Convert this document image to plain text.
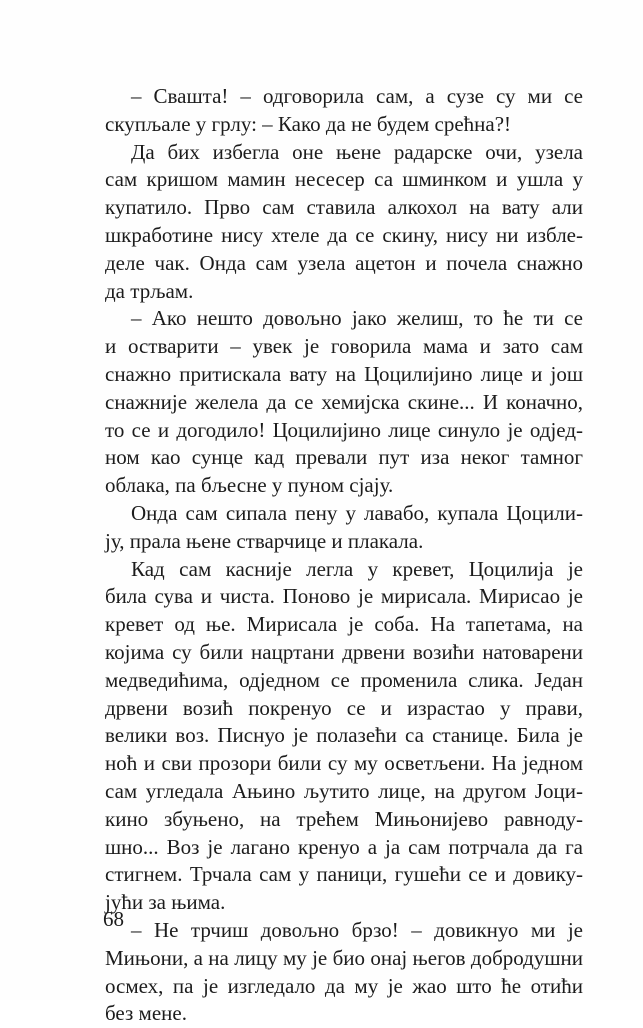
– Свашта! – одговорила сам, а сузе су ми се
скупљале у грлу: – Како да не будем срећна?!
Да бих избегла оне њене радарске очи, узела
сам кришом мамин несесер са шминком и ушла у
купатило. Прво сам ставила алкохол на вату али
шкработине нису хтеле да се скину, нису ни избле-
деле чак. Онда сам узела ацетон и почела снажно
да трљам.
– Ако нешто довољно јако желиш, то ће ти се
и остварити – увек је говорила мама и зато сам
снажно притискала вату на Цоцилијино лице и још
снажније желела да се хемијска скине... И коначно,
то се и догодило! Цоцилијино лице синуло је одјед-
ном као сунце кад превали пут иза неког тамног
облака, па бљесне у пуном сјају.
Онда сам сипала пену у лавабо, купала Цоцили-
ју, прала њене стварчице и плакала.
Кад сам касније легла у кревет, Цоцилија је
била сува и чиста. Поново је мирисала. Мирисао је
кревет од ње. Мирисала је соба. На тапетама, на
којима су били нацртани дрвени возићи натоварени
медведићима, одједном се променила слика. Један
дрвени возић покренуо се и израстао у прави,
велики воз. Писнуо је полазећи са станице. Била је
ноћ и сви прозори били су му осветљени. На једном
сам угледала Ањино љутито лице, на другом Јоци-
кино збуњено, на трећем Мињонијево равноду-
шно... Воз је лагано кренуо а ја сам потрчала да га
стигнем. Трчала сам у паници, гушећи се и довику-
јући за њима.
– Не трчиш довољно брзо! – довикнуо ми је
Мињони, а на лицу му је био онај његов добродушни
осмех, па је изгледало да му је жао што ће отићи
без мене.
68
